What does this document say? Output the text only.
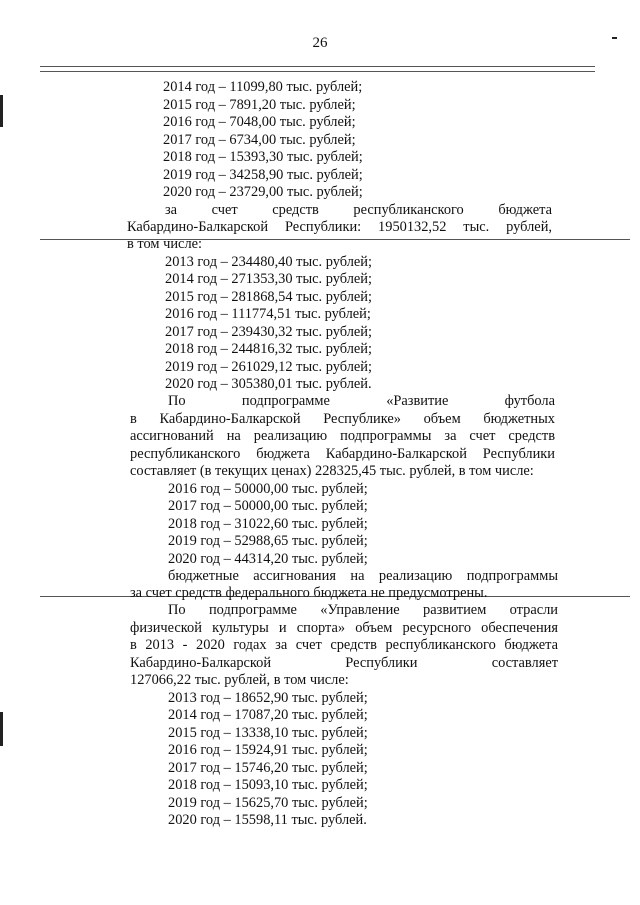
26
2014 год – 11099,80 тыс. рублей;
2015 год – 7891,20 тыс. рублей;
2016 год – 7048,00 тыс. рублей;
2017 год – 6734,00 тыс. рублей;
2018 год – 15393,30 тыс. рублей;
2019 год – 34258,90 тыс. рублей;
2020 год – 23729,00 тыс. рублей;
за счет средств республиканского бюджета
Кабардино-Балкарской Республики: 1950132,52 тыс. рублей,
в том числе:
2013 год – 234480,40 тыс. рублей;
2014 год – 271353,30 тыс. рублей;
2015 год – 281868,54 тыс. рублей;
2016 год – 111774,51 тыс. рублей;
2017 год – 239430,32 тыс. рублей;
2018 год – 244816,32 тыс. рублей;
2019 год – 261029,12 тыс. рублей;
2020 год – 305380,01 тыс. рублей.
По подпрограмме «Развитие футбола
в Кабардино-Балкарской Республике» объем бюджетных
ассигнований на реализацию подпрограммы за счет средств
республиканского бюджета Кабардино-Балкарской Республики
составляет (в текущих ценах) 228325,45 тыс. рублей, в том числе:
2016 год – 50000,00 тыс. рублей;
2017 год – 50000,00 тыс. рублей;
2018 год – 31022,60 тыс. рублей;
2019 год – 52988,65 тыс. рублей;
2020 год – 44314,20 тыс. рублей;
бюджетные ассигнования на реализацию подпрограммы
за счет средств федерального бюджета не предусмотрены.
По подпрограмме «Управление развитием отрасли
физической культуры и спорта» объем ресурсного обеспечения
в 2013 - 2020 годах за счет средств республиканского бюджета
Кабардино-Балкарской Республики составляет
127066,22 тыс. рублей, в том числе:
2013 год – 18652,90 тыс. рублей;
2014 год – 17087,20 тыс. рублей;
2015 год – 13338,10 тыс. рублей;
2016 год – 15924,91 тыс. рублей;
2017 год – 15746,20 тыс. рублей;
2018 год – 15093,10 тыс. рублей;
2019 год – 15625,70 тыс. рублей;
2020 год – 15598,11 тыс. рублей.
